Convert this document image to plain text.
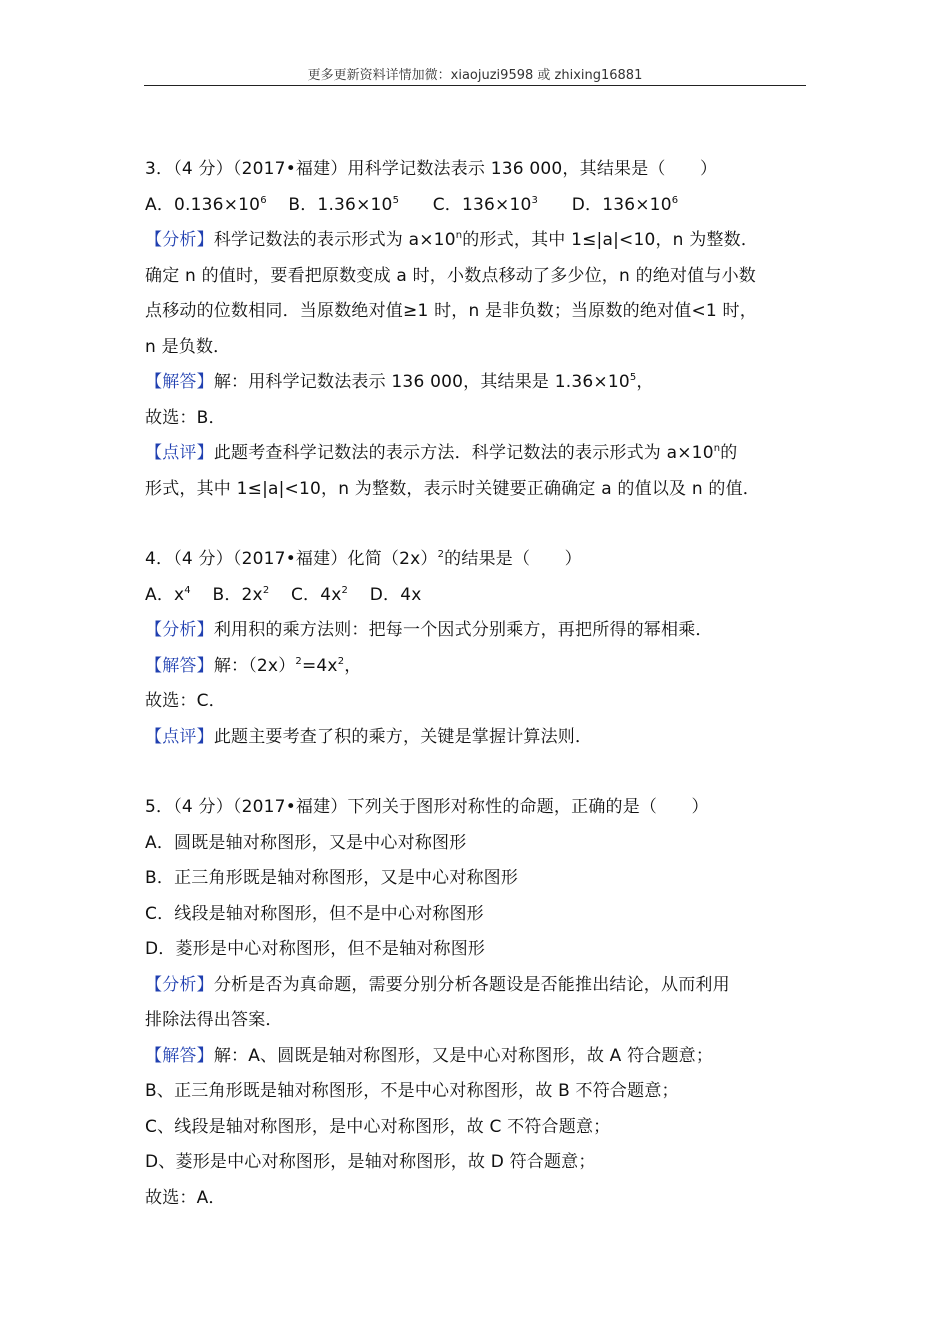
更多更新资料详情加微：xiaojuzi9598 或 zhixing16881
3．（4 分）（2017•福建）用科学记数法表示 136 000，其结果是（　　）
A．$0.136\times 10^6$ B．$1.36\times 10^5$ C．$136\times 10^3$ D．$136\times 10^6$
【分析】科学记数法的表示形式为 $a\times 10^n$的形式，其中 1≤|a|<10，n 为整数．
确定 n 的值时，要看把原数变成 a 时，小数点移动了多少位，n 的绝对值与小数
点移动的位数相同．当原数绝对值≥1 时，n 是非负数；当原数的绝对值<1 时，
n 是负数．
【解答】解：用科学记数法表示 136 000，其结果是 $1.36\times 10^5$，
故选：B．
【点评】此题考查科学记数法的表示方法．科学记数法的表示形式为 $a\times 10^n$的
形式，其中 1≤|a|<10，n 为整数，表示时关键要正确确定 a 的值以及 n 的值．
4．（4 分）（2017•福建）化简$(2x)^2$的结果是（　　）
A．$x^4$ B．$2x^2$ C．$4x^2$ D．4x
【分析】利用积的乘方法则：把每一个因式分别乘方，再把所得的幂相乘．
【解答】解：$(2x)^2=4x^2$，
故选：C．
【点评】此题主要考查了积的乘方，关键是掌握计算法则．
5．（4 分）（2017•福建）下列关于图形对称性的命题，正确的是（　　）
A．圆既是轴对称图形，又是中心对称图形
B．正三角形既是轴对称图形，又是中心对称图形
C．线段是轴对称图形，但不是中心对称图形
D．菱形是中心对称图形，但不是轴对称图形
【分析】分析是否为真命题，需要分别分析各题设是否能推出结论，从而利用
排除法得出答案．
【解答】解：A、圆既是轴对称图形，又是中心对称图形，故 A 符合题意；
B、正三角形既是轴对称图形，不是中心对称图形，故 B 不符合题意；
C、线段是轴对称图形，是中心对称图形，故 C 不符合题意；
D、菱形是中心对称图形，是轴对称图形，故 D 符合题意；
故选：A．
